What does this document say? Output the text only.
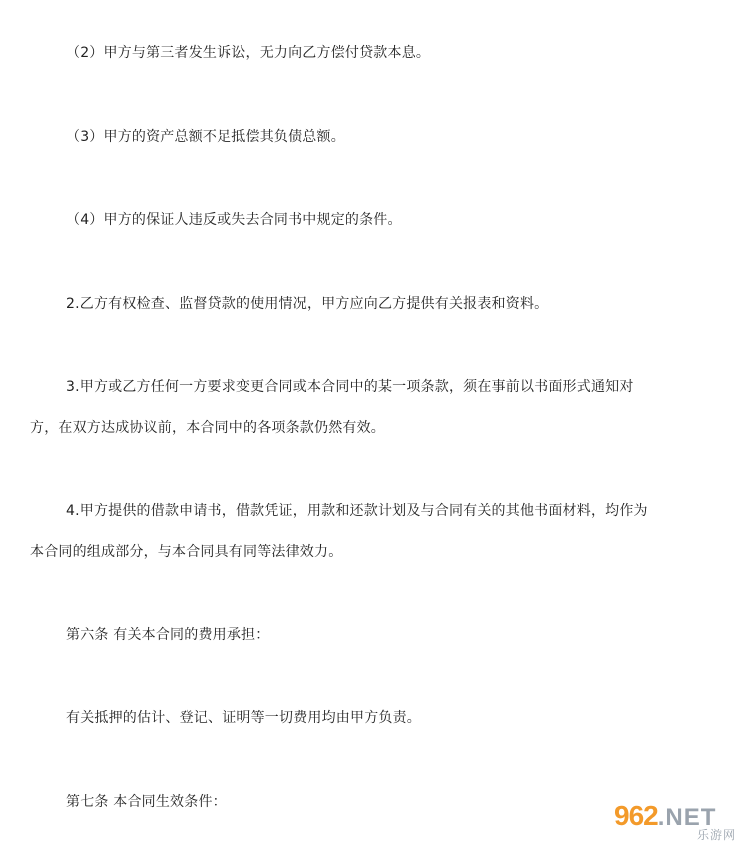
（2）甲方与第三者发生诉讼，无力向乙方偿付贷款本息。
（3）甲方的资产总额不足抵偿其负债总额。
（4）甲方的保证人违反或失去合同书中规定的条件。
2.乙方有权检查、监督贷款的使用情况，甲方应向乙方提供有关报表和资料。
3.甲方或乙方任何一方要求变更合同或本合同中的某一项条款，须在事前以书面形式通知对
方，在双方达成协议前，本合同中的各项条款仍然有效。
4.甲方提供的借款申请书，借款凭证，用款和还款计划及与合同有关的其他书面材料，均作为
本合同的组成部分，与本合同具有同等法律效力。
第六条 有关本合同的费用承担：
有关抵押的估计、登记、证明等一切费用均由甲方负责。
第七条 本合同生效条件：	962.NET
乐游网
